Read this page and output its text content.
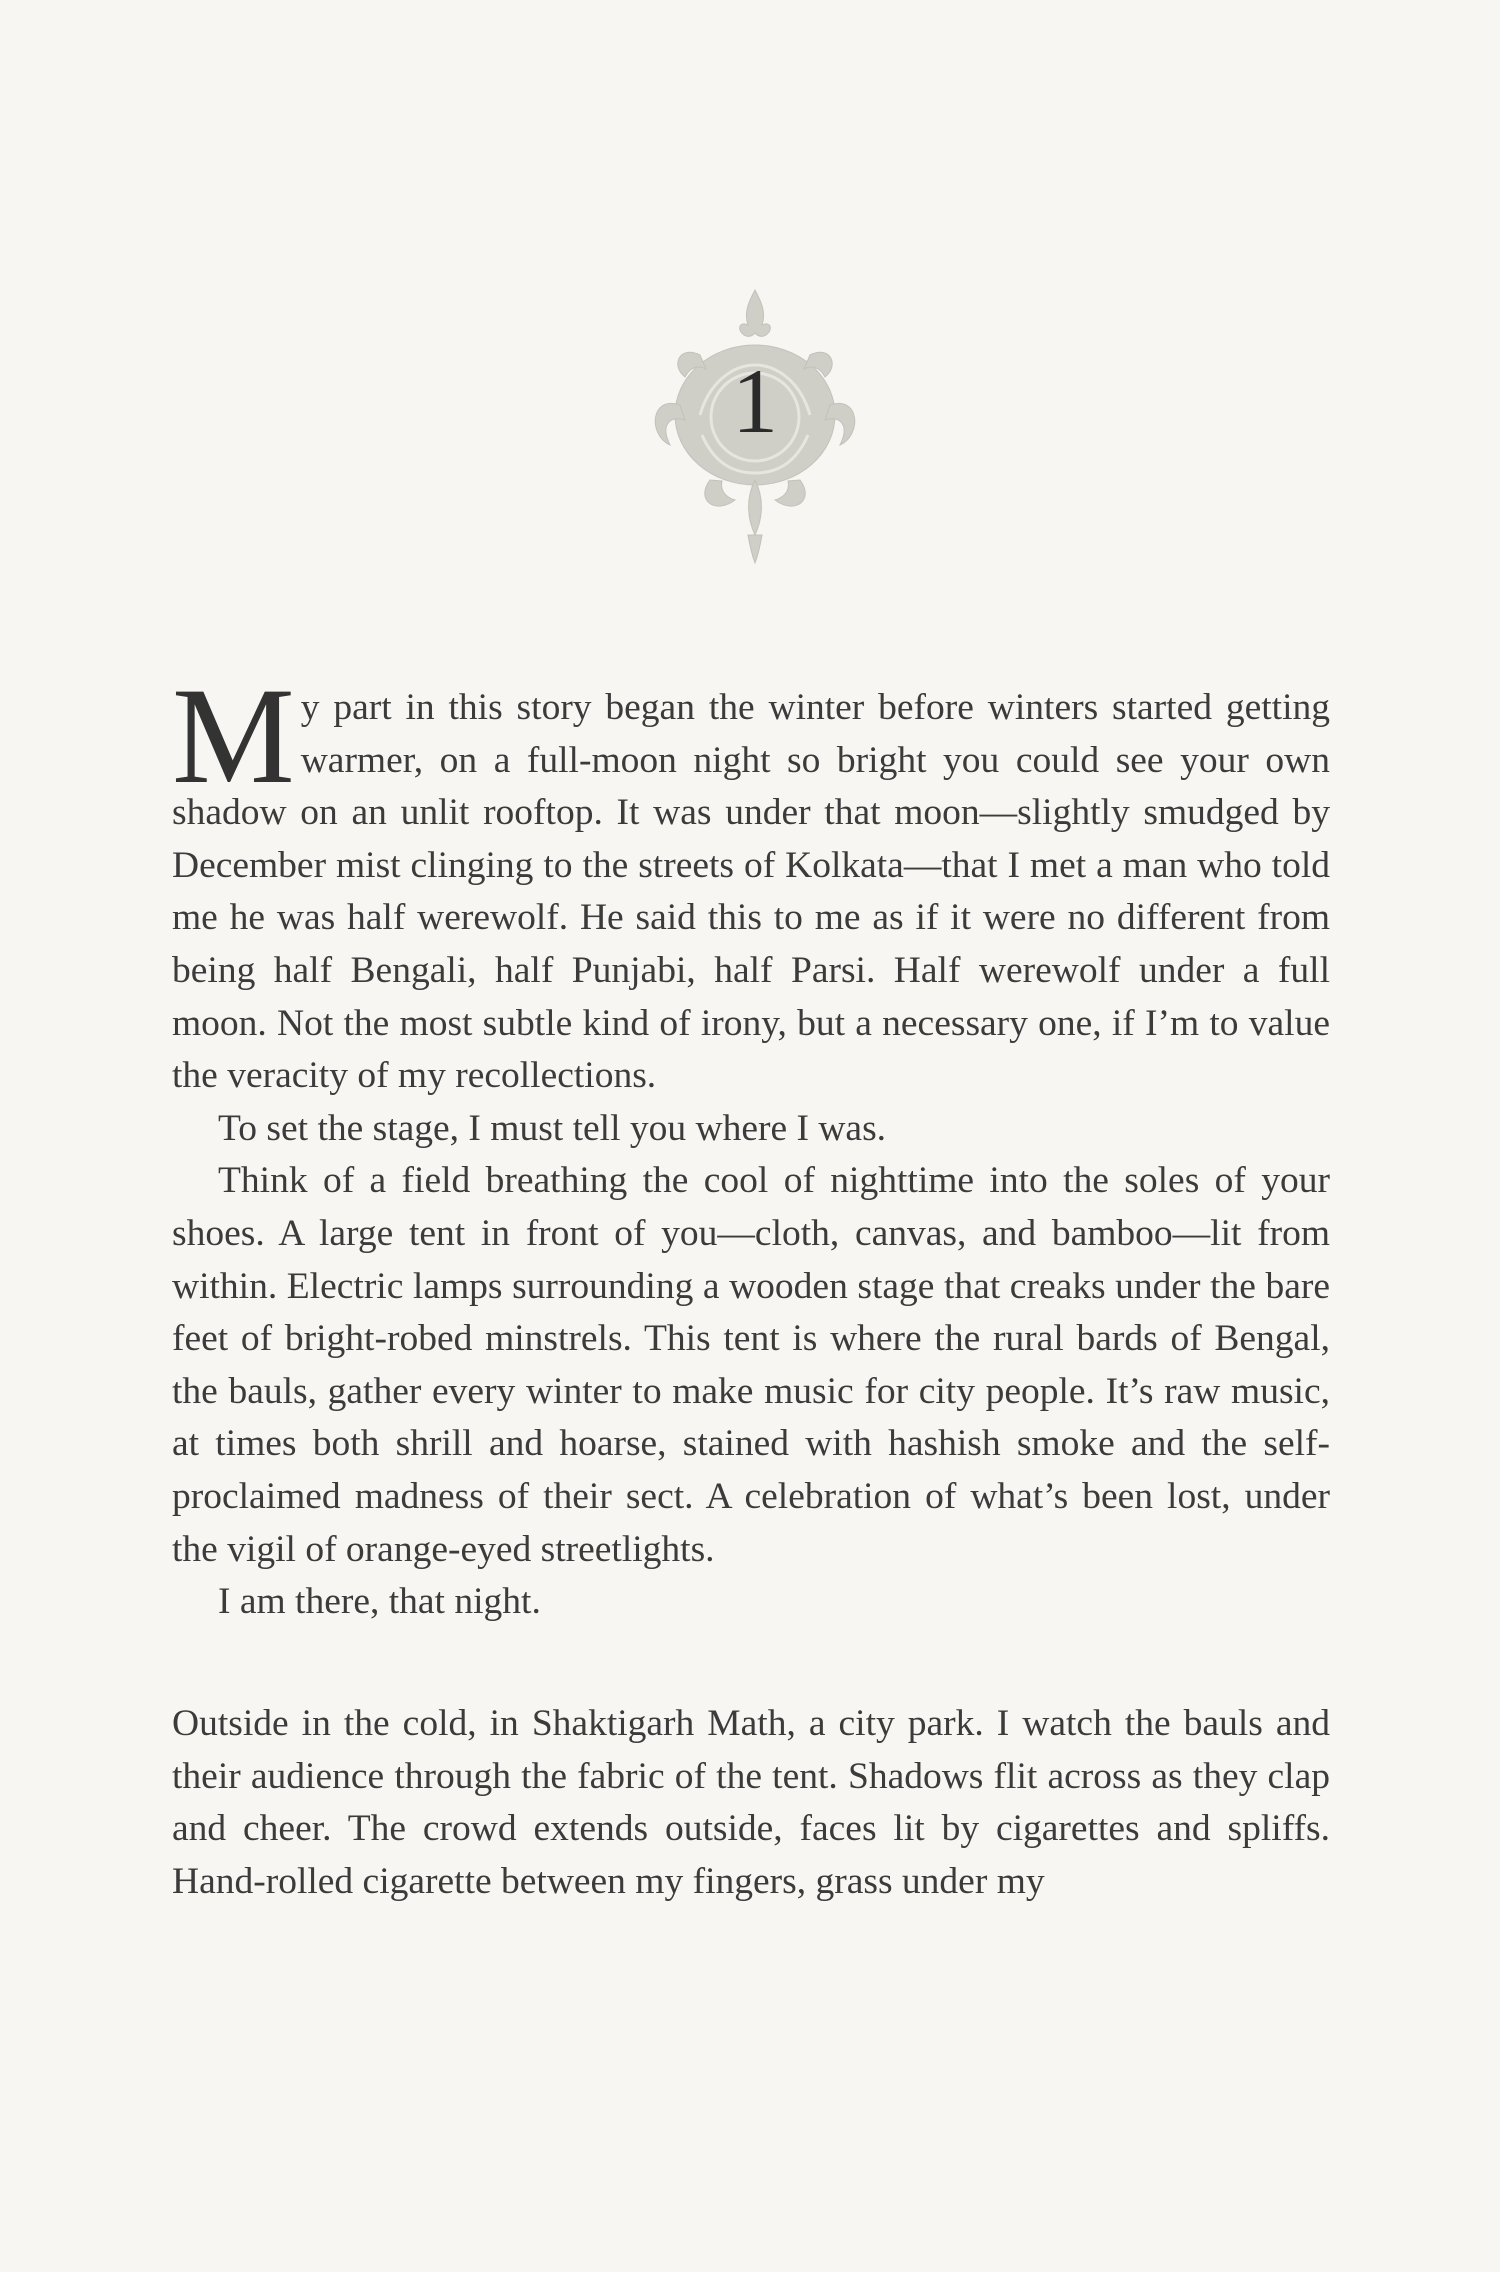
1

My part in this story began the winter before winters started getting warmer, on a full-moon night so bright you could see your own shadow on an unlit rooftop. It was under that moon—slightly smudged by December mist clinging to the streets of Kolkata—that I met a man who told me he was half werewolf. He said this to me as if it were no different from being half Bengali, half Punjabi, half Parsi. Half werewolf under a full moon. Not the most subtle kind of irony, but a necessary one, if I’m to value the veracity of my recollections.

To set the stage, I must tell you where I was.

Think of a field breathing the cool of nighttime into the soles of your shoes. A large tent in front of you—cloth, canvas, and bamboo—lit from within. Electric lamps surrounding a wooden stage that creaks under the bare feet of bright-robed minstrels. This tent is where the rural bards of Bengal, the bauls, gather every winter to make music for city people. It’s raw music, at times both shrill and hoarse, stained with hashish smoke and the self-proclaimed madness of their sect. A celebration of what’s been lost, under the vigil of orange-eyed streetlights.

I am there, that night.

Outside in the cold, in Shaktigarh Math, a city park. I watch the bauls and their audience through the fabric of the tent. Shadows flit across as they clap and cheer. The crowd extends outside, faces lit by cigarettes and spliffs. Hand-rolled cigarette between my fingers, grass under my
